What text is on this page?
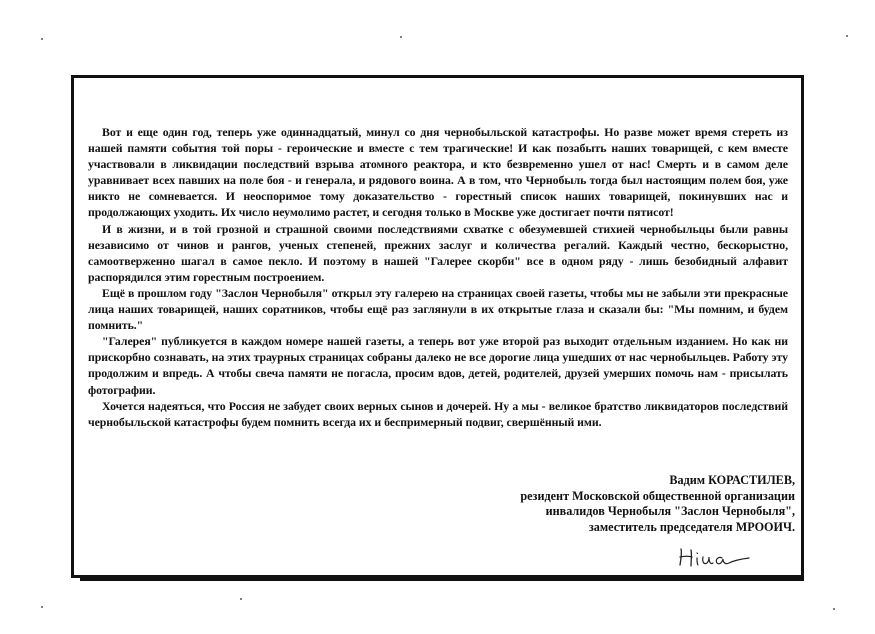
Вот и еще один год, теперь уже одиннадцатый, минул со дня чернобыльской катастрофы. Но разве может время стереть из нашей памяти события той поры - героические и вместе с тем трагические! И как позабыть наших товарищей, с кем вместе участвовали в ликвидации последствий взрыва атомного реактора, и кто безвременно ушел от нас! Смерть и в самом деле уравнивает всех павших на поле боя - и генерала, и рядового воина. А в том, что Чернобыль тогда был настоящим полем боя, уже никто не сомневается. И неоспоримое тому доказательство - горестный список наших товарищей, покинувших нас и продолжающих уходить. Их число неумолимо растет, и сегодня только в Москве уже достигает почти пятисот!

И в жизни, и в той грозной и страшной своими последствиями схватке с обезумевшей стихией чернобыльцы были равны независимо от чинов и рангов, ученых степеней, прежних заслуг и количества регалий. Каждый честно, бескорыстно, самоотверженно шагал в самое пекло. И поэтому в нашей "Галерее скорби" все в одном ряду - лишь безобидный алфавит распорядился этим горестным построением.

Ещё в прошлом году "Заслон Чернобыля" открыл эту галерею на страницах своей газеты, чтобы мы не забыли эти прекрасные лица наших товарищей, наших соратников, чтобы ещё раз заглянули в их открытые глаза и сказали бы: "Мы помним, и будем помнить."

"Галерея" публикуется в каждом номере нашей газеты, а теперь вот уже второй раз выходит отдельным изданием. Но как ни прискорбно сознавать, на этих траурных страницах собраны далеко не все дорогие лица ушедших от нас чернобыльцев. Работу эту продолжим и впредь. А чтобы свеча памяти не погасла, просим вдов, детей, родителей, друзей умерших помочь нам - присылать фотографии.

Хочется надеяться, что Россия не забудет своих верных сынов и дочерей. Ну а мы - великое братство ликвидаторов последствий чернобыльской катастрофы будем помнить всегда их и беспримерный подвиг, свершённый ими.

Вадим КОРАСТИЛЕВ,
резидент Московской общественной организации
инвалидов Чернобыля "Заслон Чернобыля",
заместитель председателя МРООИЧ.
